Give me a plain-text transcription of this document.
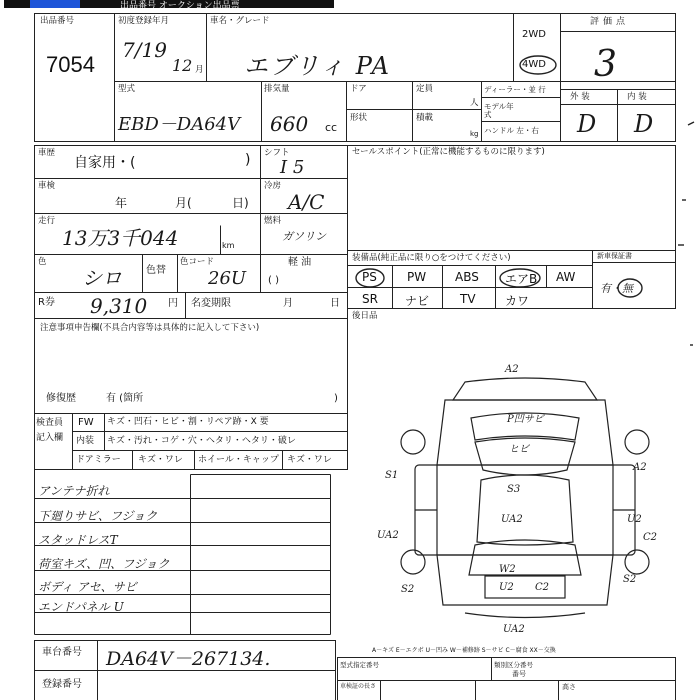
出品番号 オークション出品票
出品番号
7054
初度登録年月
7/19
12 月
車名・グレード
エブリィ PA
2WD
4WD
評価点
3
型式
EBD－DA64V
排気量
660 cc
ドア	定員
人
形状	積載
kg
ディーラー・並 行
モデル年式
ハンドル 左・右
外 装	内 装
D D
車歴
自家用・(	) シフト
I 5
車検
年	月(	日)
冷房
A/C
走行
13万3千044	km
燃料
ガソリン
色
シロ 色替
色コード
26U
軽 油
( )
R券 9,310 円 名変期限	月	日
注意事項申告欄(不具合内容等は具体的に記入して下さい)
修復歴	有 (箇所	)
セールスポイント(正常に機能するものに限ります)
装備品(純正品に限り○をつけてください)	新車保証書
有・無
PS	PW ABS エアB AW
SR ナビ	TV カワ
後日品
検査員
記入欄
FW キズ・凹石・ヒビ・割・リペア跡・X 要
内装 キズ・汚れ・コゲ・穴・ヘタリ・ヘタリ・破レ
ドアミラー キズ・ワレ ホイール・キャップ キズ・ワレ
アンテナ折れ
下廻りサビ、フジョク
スタッドレスT
荷室キズ、凹、フジョク
ボディ アセ、サビ
エンドパネル U
A2
P凹サビ
ヒビ
S3
S1
A2
UA2
U2
C2
UA2
W2
U2 C2
S2
S2
UA2
A－キズ E－エクボ U－凹み W－補修跡 S－サビ C－腐食 XX－交換
車台番号 DA64V－267134.
登録番号
型式指定番号	類別区分番号
車検証の長さ	高さ
番号
